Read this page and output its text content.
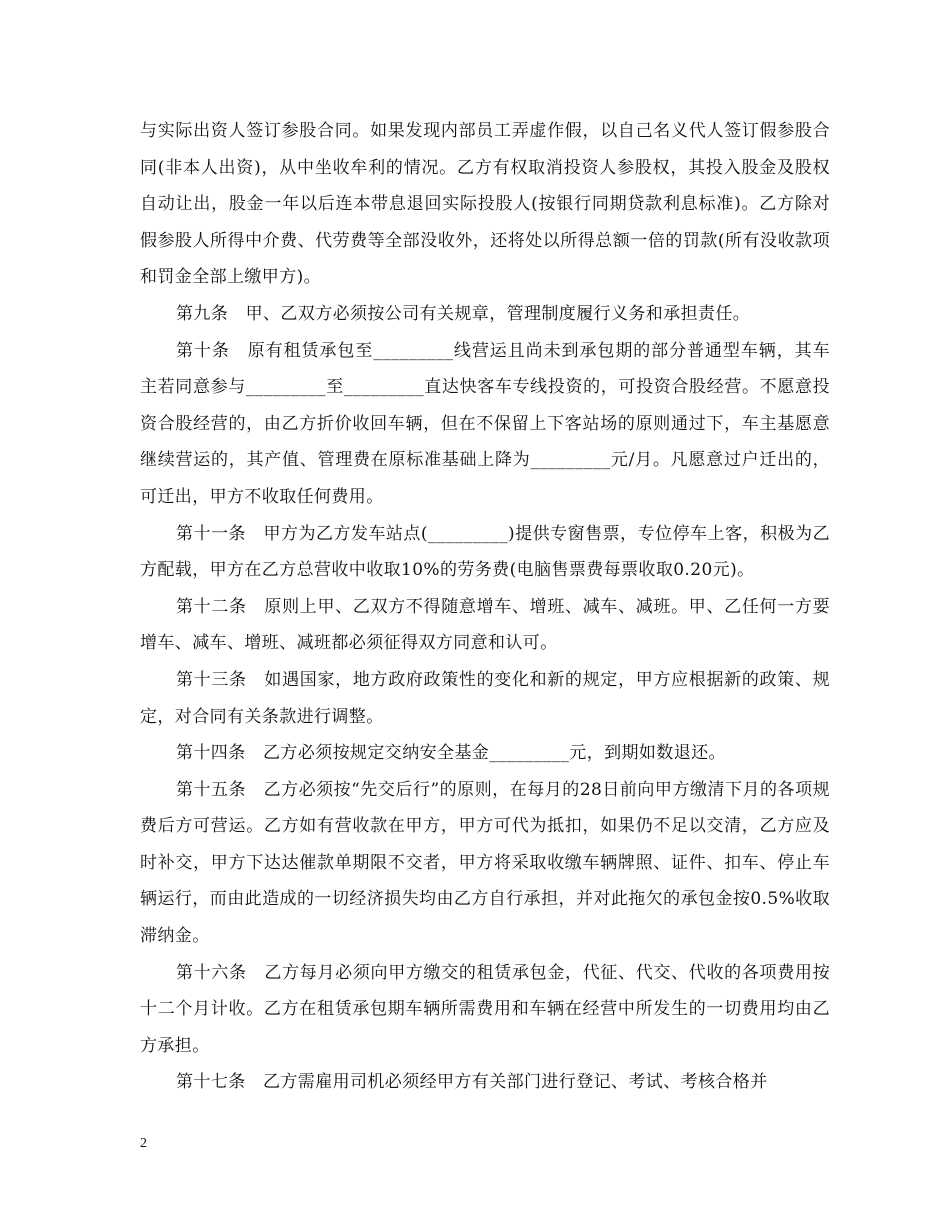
与实际出资人签订参股合同。如果发现内部员工弄虚作假，以自己名义代人签订假参股合同(非本人出资)，从中坐收牟利的情况。乙方有权取消投资人参股权，其投入股金及股权自动让出，股金一年以后连本带息退回实际投股人(按银行同期贷款利息标准)。乙方除对假参股人所得中介费、代劳费等全部没收外，还将处以所得总额一倍的罚款(所有没收款项和罚金全部上缴甲方)。

第九条　甲、乙双方必须按公司有关规章，管理制度履行义务和承担责任。

第十条　原有租赁承包至_________线营运且尚未到承包期的部分普通型车辆，其车主若同意参与_________至_________直达快客车专线投资的，可投资合股经营。不愿意投资合股经营的，由乙方折价收回车辆，但在不保留上下客站场的原则通过下，车主基愿意继续营运的，其产值、管理费在原标准基础上降为_________元/月。凡愿意过户迁出的，可迁出，甲方不收取任何费用。

第十一条　甲方为乙方发车站点(_________)提供专窗售票，专位停车上客，积极为乙方配载，甲方在乙方总营收中收取10%的劳务费(电脑售票费每票收取0.20元)。

第十二条　原则上甲、乙双方不得随意增车、增班、减车、减班。甲、乙任何一方要增车、减车、增班、减班都必须征得双方同意和认可。

第十三条　如遇国家，地方政府政策性的变化和新的规定，甲方应根据新的政策、规定，对合同有关条款进行调整。

第十四条　乙方必须按规定交纳安全基金_________元，到期如数退还。

第十五条　乙方必须按“先交后行”的原则，在每月的28日前向甲方缴清下月的各项规费后方可营运。乙方如有营收款在甲方，甲方可代为抵扣，如果仍不足以交清，乙方应及时补交，甲方下达达催款单期限不交者，甲方将采取收缴车辆牌照、证件、扣车、停止车辆运行，而由此造成的一切经济损失均由乙方自行承担，并对此拖欠的承包金按0.5%收取滞纳金。

第十六条　乙方每月必须向甲方缴交的租赁承包金，代征、代交、代收的各项费用按十二个月计收。乙方在租赁承包期车辆所需费用和车辆在经营中所发生的一切费用均由乙方承担。

第十七条　乙方需雇用司机必须经甲方有关部门进行登记、考试、考核合格并

2
